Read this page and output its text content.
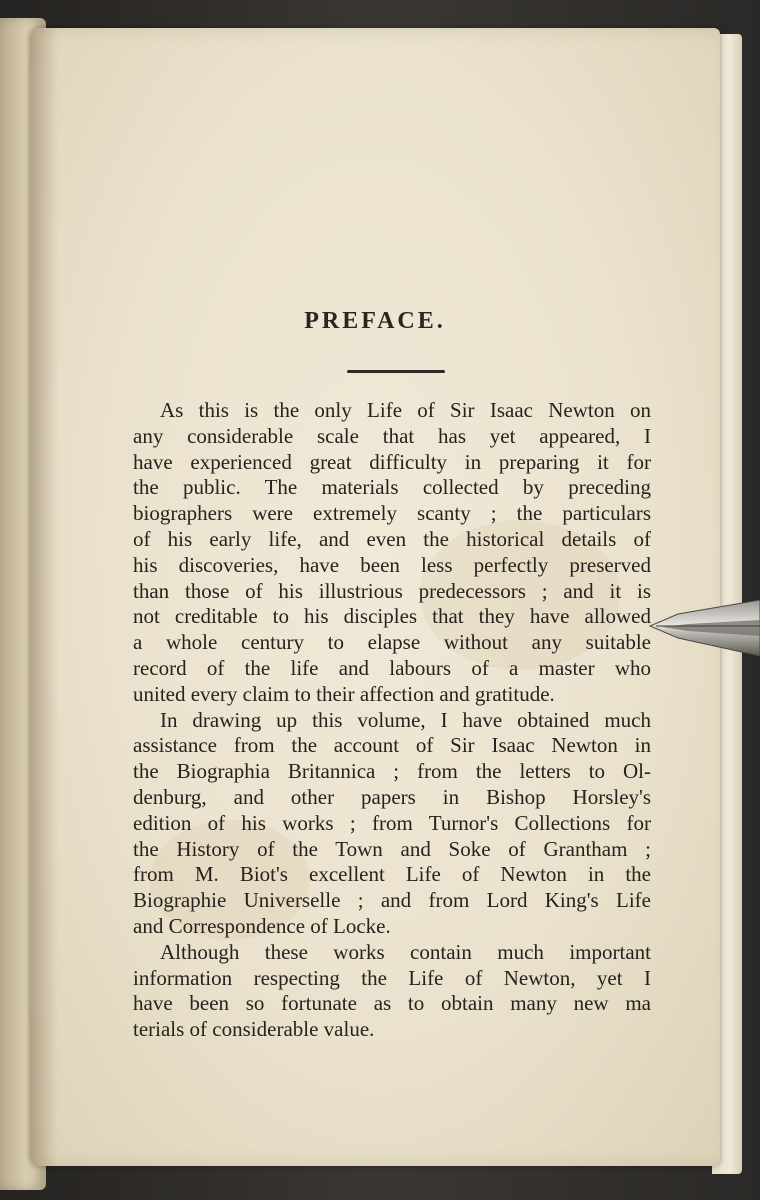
PREFACE.
As this is the only Life of Sir Isaac Newton on
any considerable scale that has yet appeared, I
have experienced great difficulty in preparing it for
the public. The materials collected by preceding
biographers were extremely scanty ; the particulars
of his early life, and even the historical details of
his discoveries, have been less perfectly preserved
than those of his illustrious predecessors ; and it is
not creditable to his disciples that they have allowed
a whole century to elapse without any suitable
record of the life and labours of a master who
united every claim to their affection and gratitude.
In drawing up this volume, I have obtained much
assistance from the account of Sir Isaac Newton in
the Biographia Britannica ; from the letters to Ol-
denburg, and other papers in Bishop Horsley's
edition of his works ; from Turnor's Collections for
the History of the Town and Soke of Grantham ;
from M. Biot's excellent Life of Newton in the
Biographie Universelle ; and from Lord King's Life
and Correspondence of Locke.
Although these works contain much important
information respecting the Life of Newton, yet I
have been so fortunate as to obtain many new ma
terials of considerable value.
